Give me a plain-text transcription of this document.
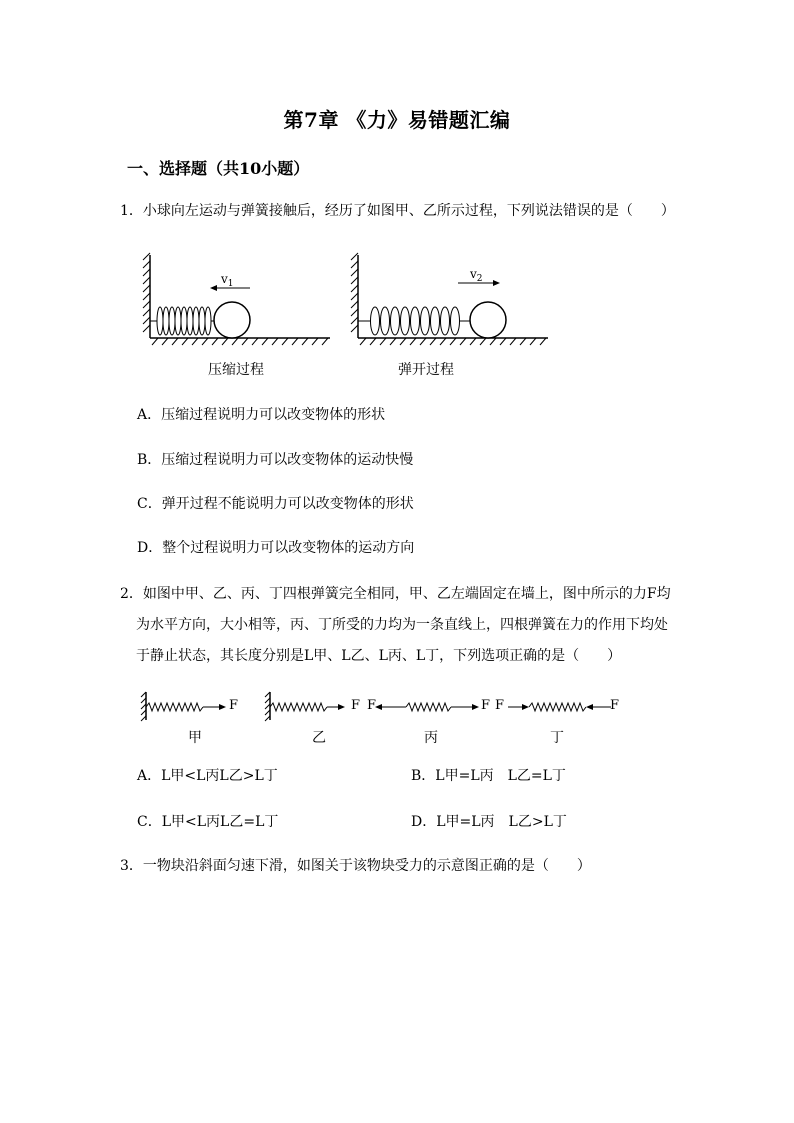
第7章 《力》易错题汇编
一、选择题（共10小题）
1．小球向左运动与弹簧接触后，经历了如图甲、乙所示过程，下列说法错误的是（　　）
$v_1$
压缩过程
$v_2$
弹开过程
A．压缩过程说明力可以改变物体的形状
B．压缩过程说明力可以改变物体的运动快慢
C．弹开过程不能说明力可以改变物体的形状
D．整个过程说明力可以改变物体的运动方向
2．如图中甲、乙、丙、丁四根弹簧完全相同，甲、乙左端固定在墙上，图中所示的力F均
为水平方向，大小相等，丙、丁所受的力均为一条直线上，四根弹簧在力的作用下均处
于静止状态，其长度分别是L甲、L乙、L丙、L丁，下列选项正确的是（　　）
F	F F	F F	F
甲	乙	丙	丁
A．L甲<L丙L乙>L丁	B．L甲=L丙　L乙=L丁
C．L甲<L丙L乙=L丁	D．L甲=L丙　L乙>L丁
3．一物块沿斜面匀速下滑，如图关于该物块受力的示意图正确的是（　　）
